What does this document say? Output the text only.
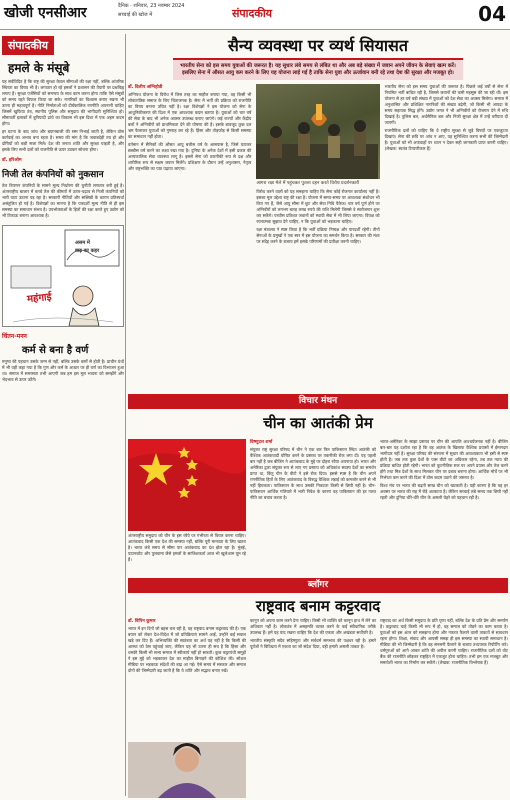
खोजी एनसीआर	दैनिक · शनिवार, 23 नवम्बर 2024
सच्चाई की खोज में	संपादकीय	04
संपादकीय
हमले के मंसूबे

यह सर्वविदित है कि राष्ट्र की सुरक्षा केवल सीमाओं की रक्षा नहीं, बल्कि आंतरिक स्थिरता का विषय भी है। लगातार हो रहे हमलों ने प्रशासन की तैयारी पर प्रश्नचिह्न लगाए हैं। सुरक्षा एजेंसियों को समन्वय के साथ काम करना होगा ताकि ऐसे मंसूबों को समय रहते विफल किया जा सके। नागरिकों का विश्वास बनाए रखना भी उतना ही महत्वपूर्ण है। नीति निर्माताओं को दीर्घकालिक रणनीति अपनानी चाहिए जिसमें खुफिया तंत्र, स्थानीय पुलिस और समुदाय की भागीदारी सुनिश्चित हो। सीमावर्ती इलाकों में बुनियादी ढांचे का विकास भी इस दिशा में एक अहम कदम होगा।

हर घटना के बाद जांच और बयानबाजी की रस्म निभाई जाती है, लेकिन ठोस कार्रवाई का अभाव बना रहता है। समय की मांग है कि जवाबदेही तय हो और दोषियों को कड़ी सजा मिले। देश की जनता शांति और सुरक्षा चाहती है, और इसके लिए सभी दलों को राजनीति से ऊपर उठकर सोचना होगा।

डॉ. हरिओम
निजी तेल कंपनियों को नुकसान

तेल विपणन कंपनियों के सामने मूल्य निर्धारण की चुनौती लगातार बनी हुई है। अंतरराष्ट्रीय बाजार में कच्चे तेल की कीमतों में उतार-चढ़ाव से निजी कंपनियों को भारी घाटा उठाना पड़ रहा है। सरकारी नीतियों और सब्सिडी के कारण प्रतिस्पर्धा असंतुलित हो गई है। विशेषज्ञों का मानना है कि पारदर्शी मूल्य नीति से ही इस समस्या का समाधान संभव है। उपभोक्ताओं के हितों की रक्षा करते हुए उद्योग को भी टिकाऊ बनाना आवश्यक है।

असम में
बाढ़ का कहर
महंगाई
चिंतन-मनन
कर्म से बना है वर्ण

मनुष्य की पहचान उसके जन्म से नहीं, बल्कि उसके कर्मों से होती है। प्राचीन ग्रंथों में भी यही कहा गया है कि गुण और कर्म के आधार पर ही वर्ण का विभाजन हुआ था। समाज में समरसता तभी आएगी जब हम इस मूल भावना को समझेंगे और भेदभाव से ऊपर उठेंगे।

सैन्य व्यवस्था पर व्यर्थ सियासत
भारतीय सेना को इस समय युवाओं की जरूरत है। यह सुधार लंबे समय से लंबित था और अब बड़े संख्या में जवान अपने जीवन के सेवाएं खत्म करें। इसलिए सेना में औसत आयु कम करने के लिए यह योजना लाई गई है ताकि सेना युवा और ऊर्जावान बनी रहे तथा देश की सुरक्षा और मजबूत हो।
डॉ. दिलीप अग्निहोत्री

अग्निपथ योजना के विरोध में जिस तरह का माहौल बनाया गया, वह किसी भी लोकतांत्रिक समाज के लिए चिंताजनक है। सेना में भर्ती की प्रक्रिया को राजनीति का विषय बनाना उचित नहीं है। रक्षा विशेषज्ञों ने इस योजना को सेना के आधुनिकीकरण की दिशा में एक आवश्यक कदम बताया है। युवाओं को चार वर्ष की सेवा के बाद भी अनेक अवसर उपलब्ध कराए जाएंगे। कई राज्यों और केंद्रीय बलों ने अग्निवीरों को प्राथमिकता देने की घोषणा की है। इसके बावजूद कुछ दल भ्रम फैलाकर युवाओं को गुमराह कर रहे हैं। हिंसा और तोड़फोड़ से किसी समस्या का समाधान नहीं होता।

वर्तमान में सैनिकों की औसत आयु बत्तीस वर्ष के आसपास है, जिसे घटाकर छब्बीस वर्ष करने का लक्ष्य रखा गया है। दुनिया के अनेक देशों में इसी प्रकार की अल्पकालिक सेवा व्यवस्था लागू है। इससे सेना को तकनीकी रूप से दक्ष और शारीरिक रूप से सक्षम जवान मिलेंगे। प्रशिक्षण के दौरान उन्हें अनुशासन, नेतृत्व और राष्ट्रभक्ति का पाठ पढ़ाया जाएगा।

आगरा रक्षा मेले में पहुंचकर पुतला दहन करते विरोध प्रदर्शनकारी

विरोध करने वालों को यह समझना चाहिए कि सेना कोई रोजगार कार्यालय नहीं है। इसका मूल उद्देश्य राष्ट्र की रक्षा है। योजना में समय-समय पर आवश्यक संशोधन भी किए गए हैं, जैसे आयु सीमा में छूट और सेवा निधि पैकेज। चार वर्ष पूर्ण होने पर अग्निवीरों को लगभग बारह लाख रुपये की राशि मिलेगी जिससे वे स्वरोजगार शुरू कर सकेंगे। पच्चीस प्रतिशत जवानों को स्थायी सेवा में भी लिया जाएगा। विपक्ष को रचनात्मक सुझाव देने चाहिए, न कि युवाओं को भड़काना चाहिए।

रक्षा मंत्रालय ने स्पष्ट किया है कि भर्ती प्रक्रिया निष्पक्ष और पारदर्शी रहेगी। तीनों सेनाओं के प्रमुखों ने एक स्वर में इस योजना का समर्थन किया है। सरकार की मंशा पर संदेह करने के बजाय हमें इसके परिणामों की प्रतीक्षा करनी चाहिए।

भारतीय सेना को इस समय युवाओं की जरूरत है। पिछले कई वर्षों से सेना में नियमित भर्ती बाधित रही है, जिससे जवानों की कमी महसूस की जा रही थी। इस योजना से हर वर्ष बड़ी संख्या में युवाओं को देश सेवा का अवसर मिलेगा। समाज में अनुशासित और प्रशिक्षित नागरिकों की संख्या बढ़ेगी, जो किसी भी आपदा के समय सहायक सिद्ध होंगे। उद्योग जगत ने भी अग्निवीरों को रोजगार देने में रुचि दिखाई है। पुलिस बल, अर्धसैनिक बल और निजी सुरक्षा क्षेत्र में उन्हें वरीयता दी जाएगी।

राजनीतिक दलों को चाहिए कि वे राष्ट्रीय सुरक्षा से जुड़े विषयों पर एकजुटता दिखाएं। सेना की छवि पर आंच न आए, यह सुनिश्चित करना सभी की जिम्मेदारी है। युवाओं को भी अफवाहों पर ध्यान न देकर सही जानकारी प्राप्त करनी चाहिए। (लेखक: स्वतंत्र टिप्पणीकार हैं)

विचार मंथन
चीन का आतंकी प्रेम

अंतरराष्ट्रीय समुदाय को चीन के इस रवैये पर गंभीरता से विचार करना चाहिए। आतंकवाद किसी एक देश की समस्या नहीं, बल्कि पूरी मानवता के लिए खतरा है। भारत लंबे समय से सीमा पार आतंकवाद का दंश झेल रहा है। मुंबई, पठानकोट और पुलवामा जैसे हमलों के साजिशकर्ता आज भी खुलेआम घूम रहे हैं।

विष्णुदत्त शर्मा

संयुक्त राष्ट्र सुरक्षा परिषद में चीन ने एक बार फिर पाकिस्तान स्थित आतंकी को वैश्विक आतंकवादी घोषित करने के प्रस्ताव पर तकनीकी रोक लगा दी। यह पहली बार नहीं है जब बीजिंग ने आतंकवाद के मुद्दे पर दोहरा रवैया अपनाया हो। भारत और अमेरिका द्वारा संयुक्त रूप से लाए गए प्रस्ताव को अधिकांश सदस्य देशों का समर्थन प्राप्त था, किंतु चीन के वीटो ने इसे रोक दिया। इससे स्पष्ट है कि चीन अपने रणनीतिक हितों के लिए आतंकवाद के विरुद्ध वैश्विक लड़ाई को कमजोर करने से भी नहीं हिचकता। पाकिस्तान के साथ उसकी निकटता किसी से छिपी नहीं है। चीन-पाकिस्तान आर्थिक गलियारे में भारी निवेश के कारण वह पाकिस्तान की हर गलत नीति का बचाव करता है।

भारत-अमेरिका के साझा प्रस्ताव पर चीन की आपत्ति आश्चर्यजनक नहीं है। बीजिंग बार-बार यह दर्शाता रहा है कि वह आतंक के खिलाफ वैश्विक प्रयासों में ईमानदार भागीदार नहीं है। सुरक्षा परिषद की संरचना में सुधार की आवश्यकता भी इसी से स्पष्ट होती है। जब तक कुछ देशों के पास वीटो का अधिकार रहेगा, तब तक न्याय की प्रक्रिया बाधित होती रहेगी। भारत को कूटनीतिक स्तर पर अपने प्रयास और तेज करने होंगे तथा मित्र देशों के साथ मिलकर चीन पर दबाव बनाना होगा। आर्थिक मोर्चे पर भी निर्भरता कम करने की दिशा में ठोस कदम उठाने की जरूरत है।

विश्व मंच पर भारत की बढ़ती साख चीन को खटकती है। यही कारण है कि वह हर अवसर पर भारत की राह में रोड़े अटकाता है। लेकिन सच्चाई लंबे समय तक छिपी नहीं रहती और दुनिया धीरे-धीरे चीन के असली चेहरे को पहचान रही है।

ब्लॉगर
राष्ट्रवाद बनाम कट्टरवाद

कानून को अपना काम करने देना चाहिए। किसी भी व्यक्ति को कानून हाथ में लेने का अधिकार नहीं है। लोकतंत्र में असहमति व्यक्त करने के कई संवैधानिक तरीके उपलब्ध हैं। हमें यह याद रखना चाहिए कि देश की एकता और अखंडता सर्वोपरि है।

भारतीय संस्कृति सदैव सहिष्णुता और सर्वधर्म समभाव की पक्षधर रही है। हमारे पूर्वजों ने विविधता में एकता का जो संदेश दिया, वही हमारी असली ताकत है।

राष्ट्रवाद का अर्थ किसी समुदाय के प्रति घृणा नहीं, बल्कि देश के प्रति प्रेम और समर्पण है। कट्टरवाद चाहे किसी भी रूप में हो, वह समाज को तोड़ने का काम करता है। युवाओं को इस अंतर को समझना होगा और नफरत फैलाने वाली ताकतों से सावधान रहना होगा। शिक्षा, संवाद और आपसी समझ ही इस समस्या का स्थायी समाधान है। मीडिया की भी जिम्मेदारी है कि वह सनसनी फैलाने के बजाय तथ्यपरक रिपोर्टिंग करे। धर्मगुरुओं को आगे आकर शांति की अपील करनी चाहिए। राजनीतिक दलों को वोट बैंक की राजनीति छोड़कर राष्ट्रहित में एकजुट होना चाहिए। तभी हम एक मजबूत और समावेशी भारत का निर्माण कर सकेंगे। (लेखक: राजनीतिक विश्लेषक हैं)

डॉ. विपिन कुमार

भारत में इन दिनों जो बहस चल रही है, वह राष्ट्रवाद बनाम कट्टरवाद की है। एक बयान को लेकर देश-विदेश में जो प्रतिक्रियाएं सामने आईं, उन्होंने कई सवाल खड़े कर दिए हैं। अभिव्यक्ति की स्वतंत्रता का अर्थ यह नहीं है कि किसी की आस्था को ठेस पहुंचाई जाए, लेकिन यह भी उतना ही सच है कि हिंसा और धमकी किसी भी सभ्य समाज में स्वीकार्य नहीं हो सकती। कुछ कट्टरपंथी समूहों ने इस मुद्दे को भड़काकर देश का माहौल बिगाड़ने की कोशिश की। सोशल मीडिया पर भड़काऊ संदेशों की बाढ़ आ गई। ऐसे समय में सरकार और समाज दोनों की जिम्मेदारी बढ़ जाती है कि वे शांति और सद्भाव बनाए रखें।
